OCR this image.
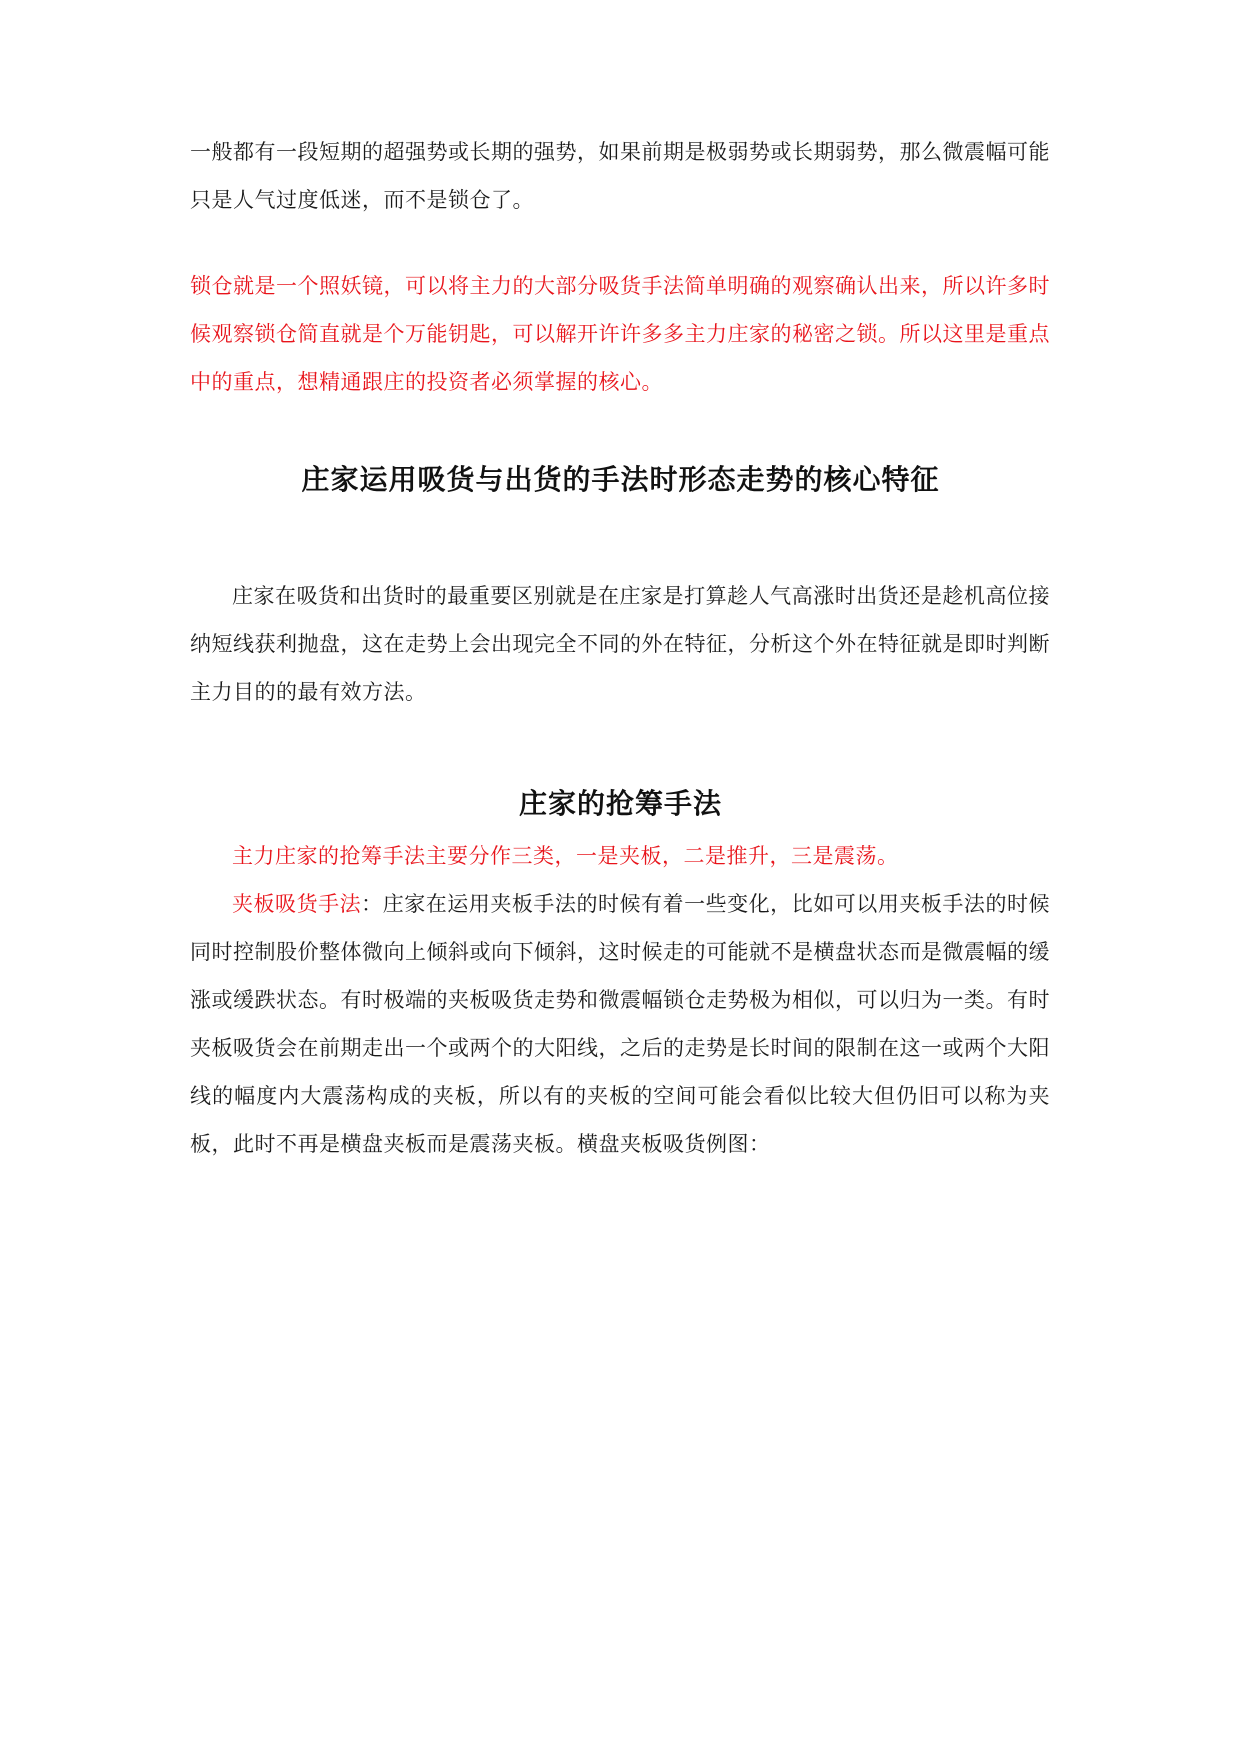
一般都有一段短期的超强势或长期的强势，如果前期是极弱势或长期弱势，那么微震幅可能只是人气过度低迷，而不是锁仓了。

锁仓就是一个照妖镜，可以将主力的大部分吸货手法简单明确的观察确认出来，所以许多时候观察锁仓简直就是个万能钥匙，可以解开许许多多主力庄家的秘密之锁。所以这里是重点中的重点，想精通跟庄的投资者必须掌握的核心。

庄家运用吸货与出货的手法时形态走势的核心特征

庄家在吸货和出货时的最重要区别就是在庄家是打算趁人气高涨时出货还是趁机高位接纳短线获利抛盘，这在走势上会出现完全不同的外在特征，分析这个外在特征就是即时判断主力目的的最有效方法。

庄家的抢筹手法

主力庄家的抢筹手法主要分作三类，一是夹板，二是推升，三是震荡。

夹板吸货手法：庄家在运用夹板手法的时候有着一些变化，比如可以用夹板手法的时候同时控制股价整体微向上倾斜或向下倾斜，这时候走的可能就不是横盘状态而是微震幅的缓涨或缓跌状态。有时极端的夹板吸货走势和微震幅锁仓走势极为相似，可以归为一类。有时夹板吸货会在前期走出一个或两个的大阳线，之后的走势是长时间的限制在这一或两个大阳线的幅度内大震荡构成的夹板，所以有的夹板的空间可能会看似比较大但仍旧可以称为夹板，此时不再是横盘夹板而是震荡夹板。横盘夹板吸货例图：
